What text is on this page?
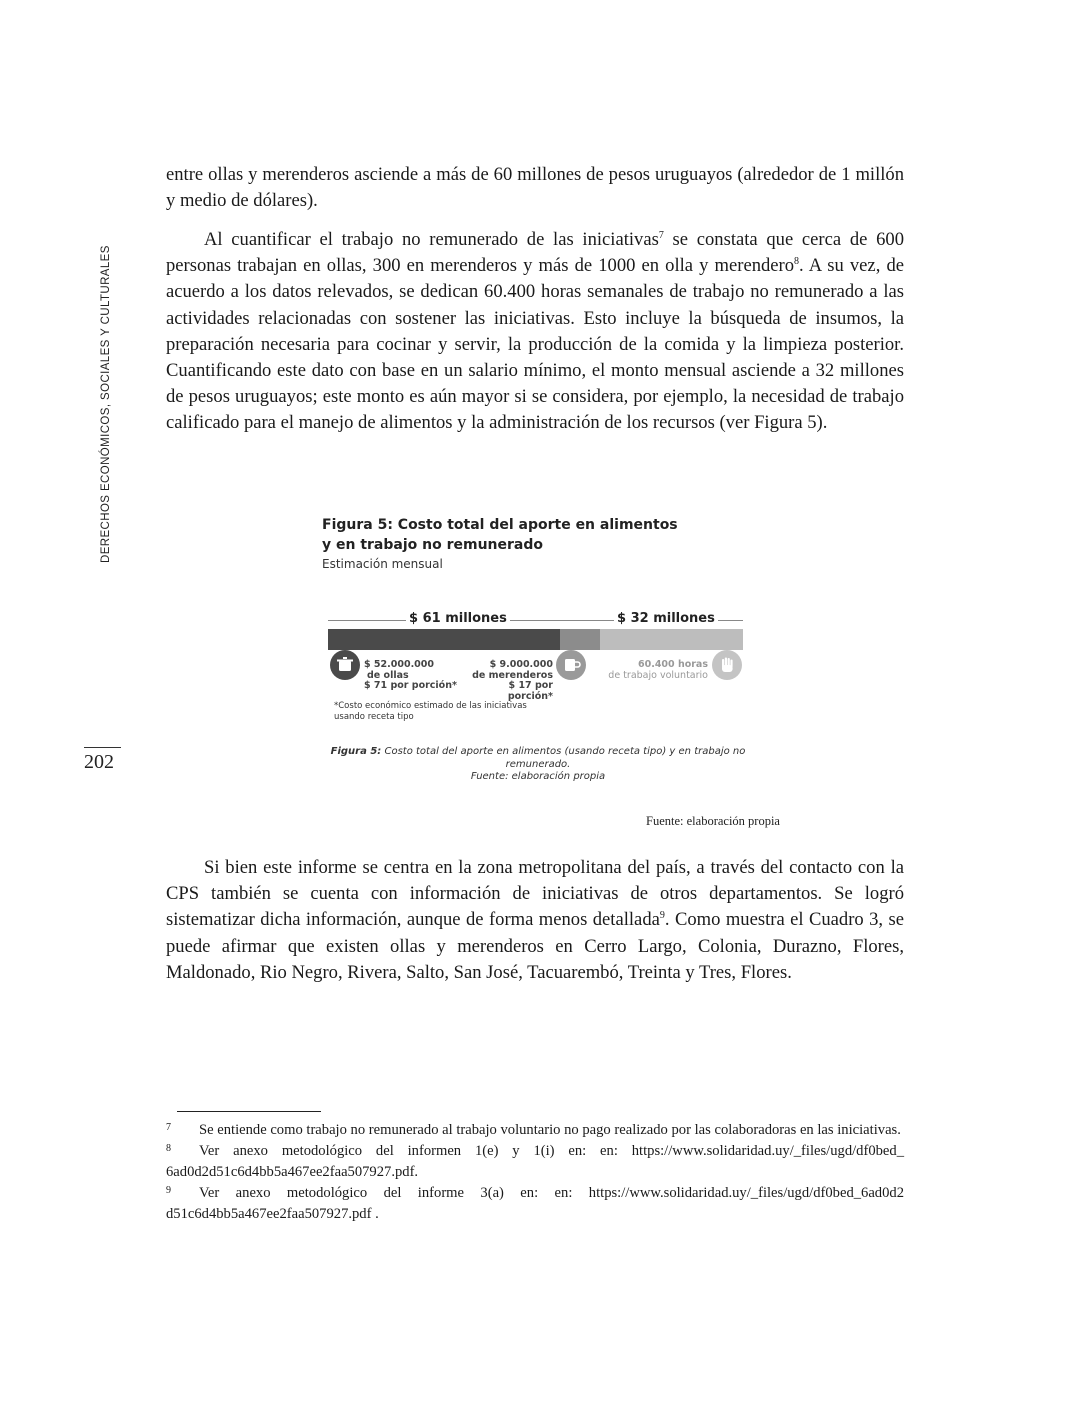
DERECHOS ECONÓMICOS, SOCIALES Y CULTURALES
202

entre ollas y merenderos asciende a más de 60 millones de pesos uruguayos (alrededor de 1 millón y medio de dólares).

Al cuantificar el trabajo no remunerado de las iniciativas$^7$ se constata que cerca de 600 personas trabajan en ollas, 300 en merenderos y más de 1000 en olla y merendero$^8$. A su vez, de acuerdo a los datos relevados, se dedican 60.400 horas semanales de trabajo no remunerado a las actividades relacionadas con sostener las iniciativas. Esto incluye la búsqueda de insumos, la preparación necesaria para cocinar y servir, la producción de la comida y la limpieza posterior. Cuantificando este dato con base en un salario mínimo, el monto mensual asciende a 32 millones de pesos uruguayos; este monto es aún mayor si se considera, por ejemplo, la necesidad de trabajo calificado para el manejo de alimentos y la administración de los recursos (ver Figura 5).

Figura 5: Costo total del aporte en alimentos
y en trabajo no remunerado
Estimación mensual
$ 61 millones	$ 32 millones
$ 52.000.000
de ollas
$ 71 por porción*
$ 9.000.000
de merenderos
$ 17 por porción*
60.400 horas
de trabajo voluntario
*Costo económico estimado de las iniciativas usando receta tipo
Figura 5: Costo total del aporte en alimentos (usando receta tipo) y en trabajo no remunerado.
Fuente: elaboración propia
Fuente: elaboración propia

Si bien este informe se centra en la zona metropolitana del país, a través del contacto con la CPS también se cuenta con información de iniciativas de otros departamentos. Se logró sistematizar dicha información, aunque de forma menos detallada$^9$. Como muestra el Cuadro 3, se puede afirmar que existen ollas y merenderos en Cerro Largo, Colonia, Durazno, Flores, Maldonado, Rio Negro, Rivera, Salto, San José, Tacuarembó, Treinta y Tres, Flores.

7 Se entiende como trabajo no remunerado al trabajo voluntario no pago realizado por las colaboradoras en las iniciativas.

8 Ver anexo metodológico del informen 1(e) y 1(i) en: en: https://www.solidaridad.uy/_files/ugd/df0bed_ 6ad0d2d51c6d4bb5a467ee2faa507927.pdf.

9 Ver anexo metodológico del informe 3(a) en: en: https://www.solidaridad.uy/_files/ugd/df0bed_6ad0d2 d51c6d4bb5a467ee2faa507927.pdf .
